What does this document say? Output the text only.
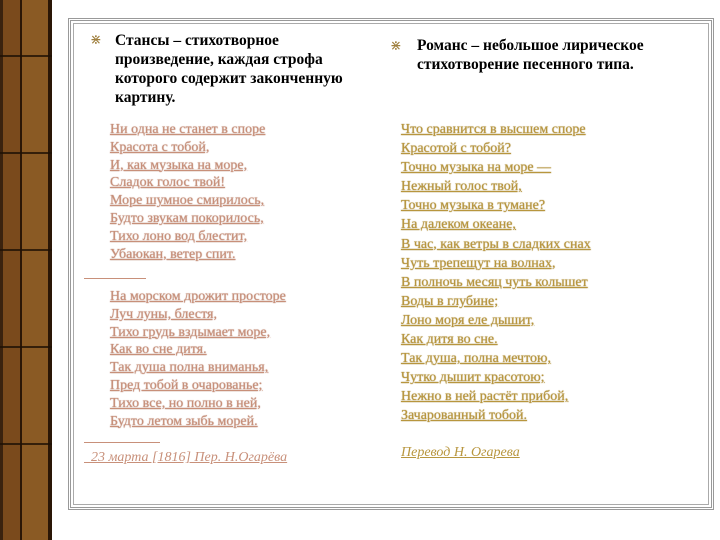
⋇ Стансы – стихотворное произведение, каждая строфа которого содержит законченную картину.
⋇ Романс – небольшое лирическое стихотворение песенного типа.
Ни одна не станет в споре
Красота с тобой,
И, как музыка на море,
Сладок голос твой!
Море шумное смирилось,
Будто звукам покорилось,
Тихо лоно вод блестит,
Убаюкан, ветер спит.
На морском дрожит просторе
Луч луны, блестя,
Тихо грудь вздымает море,
Как во сне дитя.
Так душа полна вниманья,
Пред тобой в очарованье;
Тихо все, но полно в ней,
Будто летом зыбь морей.
23 марта [1816] Пер. Н.Огарёва
Что сравнится в высшем споре
Красотой с тобой?
Точно музыка на море —
Нежный голос твой,
Точно музыка в тумане?
На далеком океане,
В час, как ветры в сладких снах
Чуть трепещут на волнах,
В полночь месяц чуть колышет
Воды в глубине;
Лоно моря еле дышит,
Как дитя во сне.
Так душа, полна мечтою,
Чутко дышит красотою;
Нежно в ней растёт прибой,
Зачарованный тобой.
Перевод Н. Огарева
